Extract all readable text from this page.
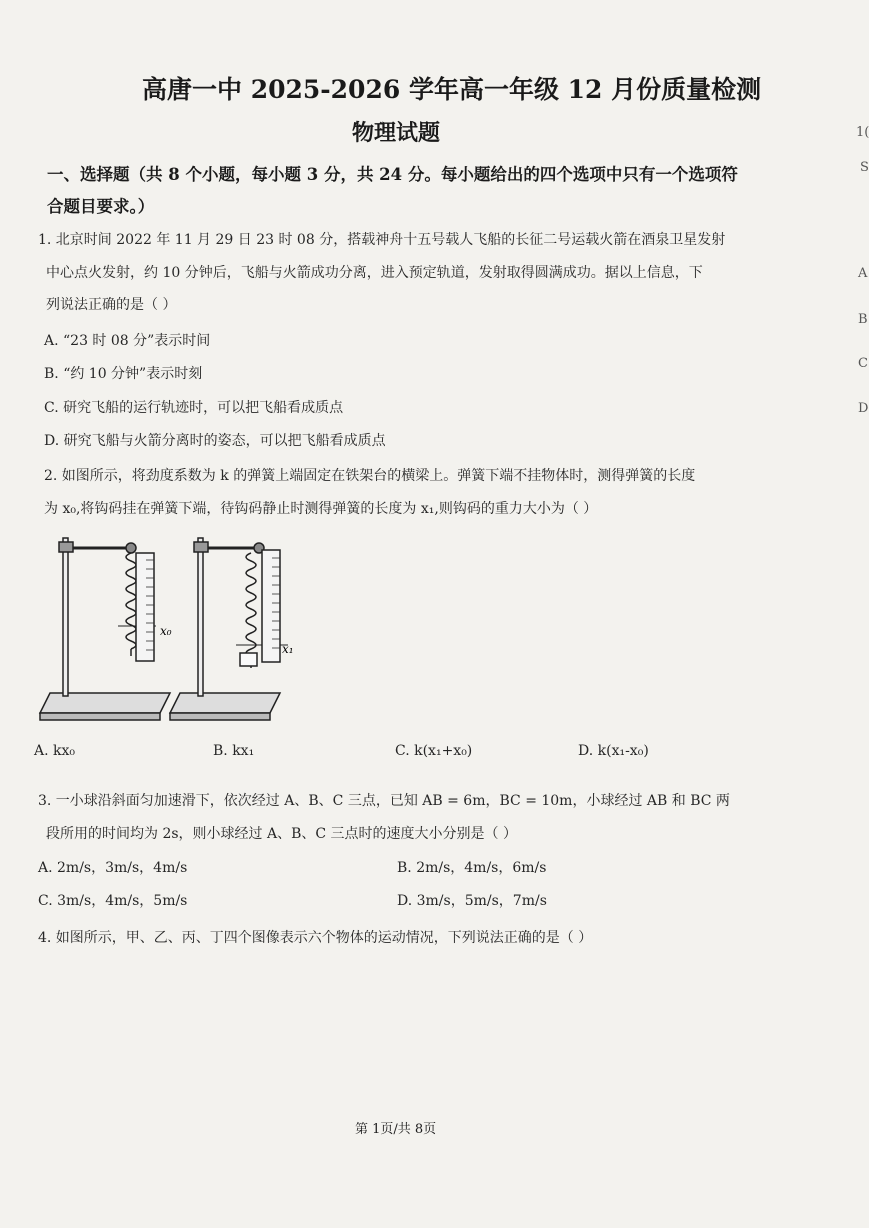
高唐一中 2025-2026 学年高一年级 12 月份质量检测
物理试题
一、选择题（共 8 个小题，每小题 3 分，共 24 分。每小题给出的四个选项中只有一个选项符
合题目要求。）
1. 北京时间 2022 年 11 月 29 日 23 时 08 分，搭载神舟十五号载人飞船的长征二号运载火箭在酒泉卫星发射
中心点火发射，约 10 分钟后，飞船与火箭成功分离，进入预定轨道，发射取得圆满成功。据以上信息，下
列说法正确的是（ ）
A. “23 时 08 分”表示时间
B. “约 10 分钟”表示时刻
C. 研究飞船的运行轨迹时，可以把飞船看成质点
D. 研究飞船与火箭分离时的姿态，可以把飞船看成质点
2. 如图所示，将劲度系数为 k 的弹簧上端固定在铁架台的横梁上。弹簧下端不挂物体时，测得弹簧的长度
为 x₀,将钩码挂在弹簧下端，待钩码静止时测得弹簧的长度为 x₁,则钩码的重力大小为（ ）
x₀
x₁
A. kx₀	B. kx₁	C. k(x₁+x₀)	D. k(x₁-x₀)
3. 一小球沿斜面匀加速滑下，依次经过 A、B、C 三点，已知 AB = 6m，BC = 10m，小球经过 AB 和 BC 两
段所用的时间均为 2s，则小球经过 A、B、C 三点时的速度大小分别是（ ）
A. 2m/s，3m/s，4m/s	B. 2m/s，4m/s，6m/s
C. 3m/s，4m/s，5m/s	D. 3m/s，5m/s，7m/s
4. 如图所示，甲、乙、丙、丁四个图像表示六个物体的运动情况，下列说法正确的是（ ）
1(
S
A
B
C
D
第 1页/共 8页
